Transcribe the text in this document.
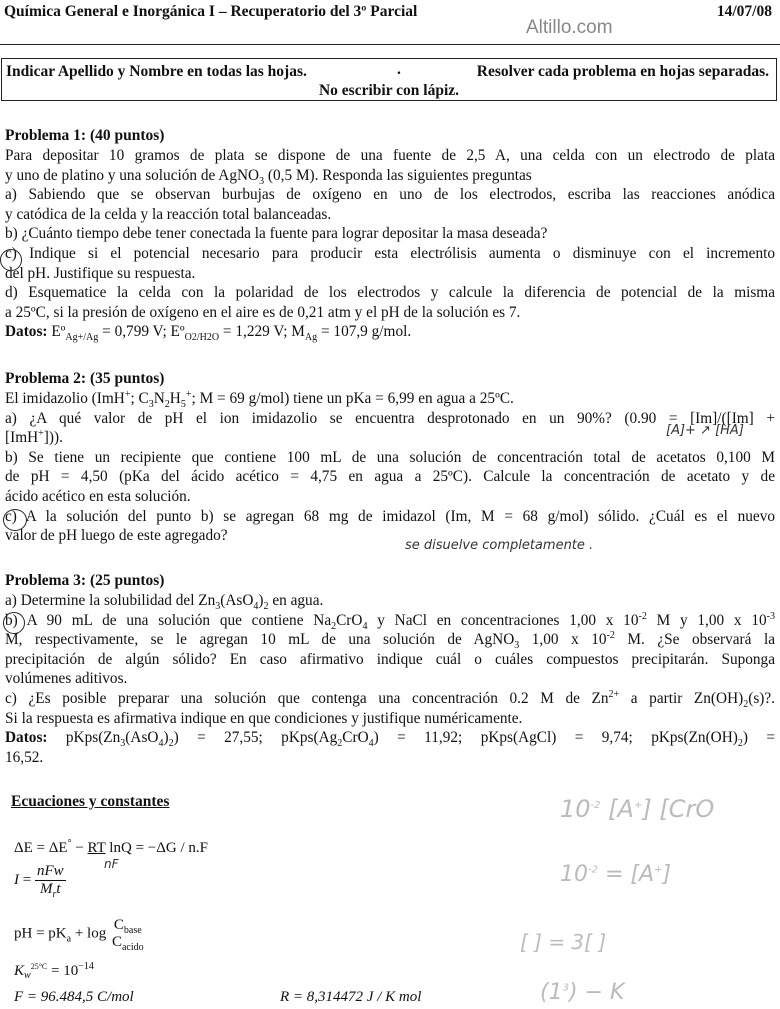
Química General e Inorgánica I – Recuperatorio del 3º Parcial	14/07/08
Altillo.com
Indicar Apellido y Nombre en todas las hojas.	.	Resolver cada problema en hojas separadas.
No escribir con lápiz.
Problema 1: (40 puntos)
Para depositar 10 gramos de plata se dispone de una fuente de 2,5 A, una celda con un electrodo de plata
y uno de platino y una solución de AgNO$_3$ (0,5 M). Responda las siguientes preguntas
a) Sabiendo que se observan burbujas de oxígeno en uno de los electrodos, escriba las reacciones anódica
y catódica de la celda y la reacción total balanceadas.
b) ¿Cuánto tiempo debe tener conectada la fuente para lograr depositar la masa deseada?
c) Indique si el potencial necesario para producir esta electrólisis aumenta o disminuye con el incremento
del pH. Justifique su respuesta.
d) Esquematice la celda con la polaridad de los electrodos y calcule la diferencia de potencial de la misma
a 25ºC, si la presión de oxígeno en el aire es de 0,21 atm y el pH de la solución es 7.
Datos: Eº$_{Ag+/Ag}$ = 0,799 V; Eº$_{O2/H2O}$ = 1,229 V; $M_{Ag} = 107,9$ g/mol.
Problema 2: (35 puntos)
El imidazolio (ImH+; $C_3N_2H_5^+$; M = 69 g/mol) tiene un pKa = 6,99 en agua a 25ºC.
a) ¿A qué valor de pH el ion imidazolio se encuentra desprotonado en un 90%? (0.90 = [Im]/([Im] +
[ImH+])).
b) Se tiene un recipiente que contiene 100 mL de una solución de concentración total de acetatos 0,100 M
de pH = 4,50 (pKa del ácido acético = 4,75 en agua a 25ºC). Calcule la concentración de acetato y de
ácido acético en esta solución.
c) A la solución del punto b) se agregan 68 mg de imidazol (Im, M = 68 g/mol) sólido. ¿Cuál es el nuevo
valor de pH luego de este agregado?
[A]+ ↗ [HA]
se disuelve completamente .
Problema 3: (25 puntos)
a) Determine la solubilidad del $Zn_3(AsO_4)_2$ en agua.
b) A 90 mL de una solución que contiene $Na_2CrO_4$ y NaCl en concentraciones 1,00 x $10^{-2}$ M y 1,00 x $10^{-3}$
M, respectivamente, se le agregan 10 mL de una solución de AgNO$_3$ 1,00 x $10^{-2}$ M. ¿Se observará la
precipitación de algún sólido? En caso afirmativo indique cuál o cuáles compuestos precipitarán. Suponga
volúmenes aditivos.
c) ¿Es posible preparar una solución que contenga una concentración 0.2 M de $Zn^{2+}$ a partir $Zn(OH)_2(s)$?.
Si la respuesta es afirmativa indique en que condiciones y justifique numéricamente.
Datos: $pKps(Zn_3(AsO_4)_2) = 27,55$; $pKps(Ag_2CrO_4) = 11,92$; pKps(AgCl) = 9,74; $pKps(Zn(OH)_2)$ =
16,52.
Ecuaciones y constantes
ΔE = ΔE° − RT lnQ = −ΔG / n.F
nF
$I = \frac{\text{nFw}}{M_rt}$
pH = $pK_a + \log$
$C_{base}$
$C_{acido}$
$K_w^{25^\circ C} = 10^{-14}$
F = 96.484,5 C/mol	R = 8,314472 J / K mol
$10^{-2}$ [A+] [CrO
$10^{-2} = [A^+]$
[ ] = 3[ ]
$(1^3) - K$
